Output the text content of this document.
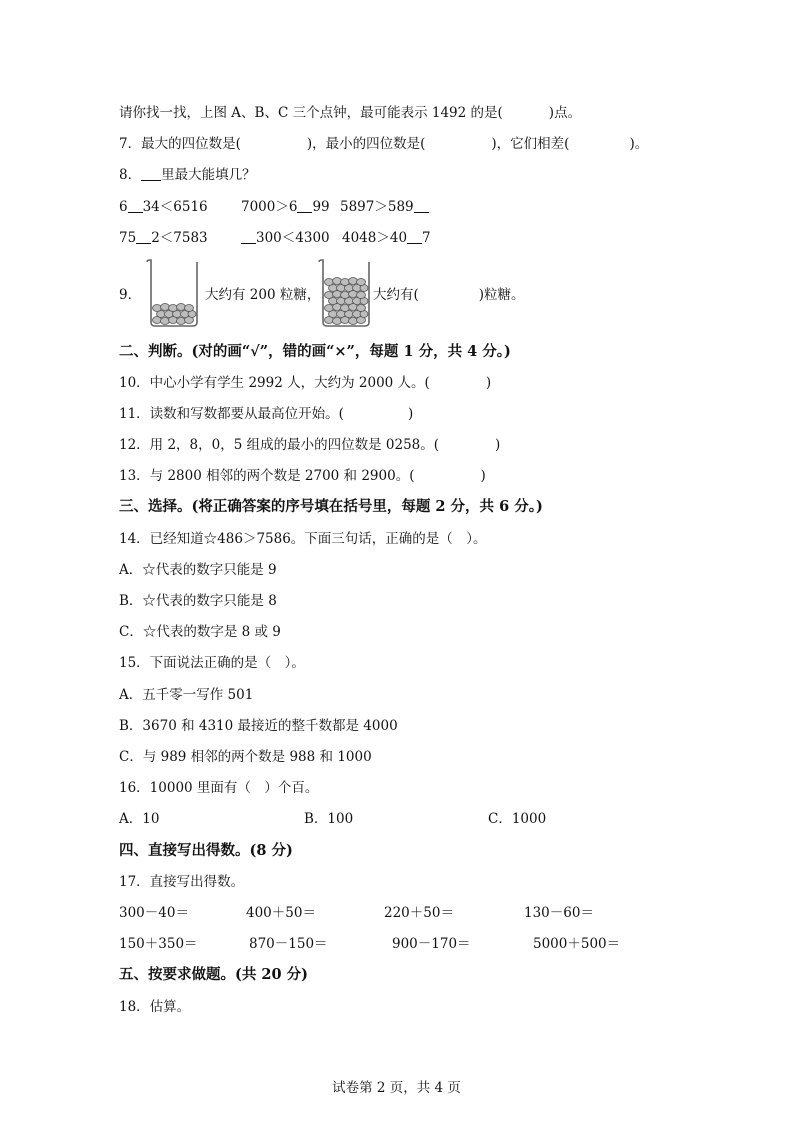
请你找一找，上图 A、B、C 三个点钟，最可能表示 1492 的是(	)点。
7．最大的四位数是(	)，最小的四位数是(	)，它们相差(	)。
8． 里最大能填几？
6 34＜6516 7000＞6 99 5897＞589
75 2＜7583	300＜4300 4048＞40 7
9．	大约有 200 粒糖，	大约有(	)粒糖。
二、判断。(对的画“√”，错的画“×”，每题 1 分，共 4 分。)
10．中心小学有学生 2992 人，大约为 2000 人。(	)
11．读数和写数都要从最高位开始。(	)
12．用 2，8，0，5 组成的最小的四位数是 0258。(	)
13．与 2800 相邻的两个数是 2700 和 2900。(	)
三、选择。(将正确答案的序号填在括号里，每题 2 分，共 6 分。)
14．已经知道☆486＞7586。下面三句话，正确的是（　）。
A．☆代表的数字只能是 9
B．☆代表的数字只能是 8
C．☆代表的数字是 8 或 9
15．下面说法正确的是（　）。
A．五千零一写作 501
B．3670 和 4310 最接近的整千数都是 4000
C．与 989 相邻的两个数是 988 和 1000
16．10000 里面有（　）个百。
A．10	B．100	C．1000
四、直接写出得数。(8 分)
17．直接写出得数。
300－40＝	400＋50＝	220＋50＝	130－60＝
150＋350＝	870－150＝	900－170＝	5000＋500＝
五、按要求做题。(共 20 分)
18．估算。
试卷第 2 页，共 4 页
